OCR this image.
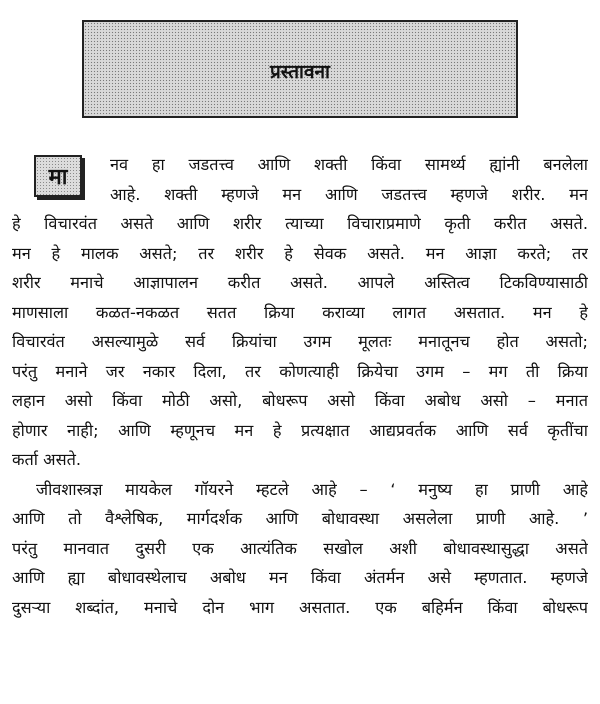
प्रस्तावना
मा
नव हा जडतत्त्व आणि शक्ती किंवा सामर्थ्य ह्यांनी बनलेला
आहे. शक्ती म्हणजे मन आणि जडतत्त्व म्हणजे शरीर. मन
हे विचारवंत असते आणि शरीर त्याच्या विचाराप्रमाणे कृती करीत असते.
मन हे मालक असते; तर शरीर हे सेवक असते. मन आज्ञा करते; तर
शरीर मनाचे आज्ञापालन करीत असते. आपले अस्तित्व टिकविण्यासाठी
माणसाला कळत-नकळत सतत क्रिया कराव्या लागत असतात. मन हे
विचारवंत असल्यामुळे सर्व क्रियांचा उगम मूलतः मनातूनच होत असतो;
परंतु मनाने जर नकार दिला, तर कोणत्याही क्रियेचा उगम – मग ती क्रिया
लहान असो किंवा मोठी असो, बोधरूप असो किंवा अबोध असो – मनात
होणार नाही; आणि म्हणूनच मन हे प्रत्यक्षात आद्यप्रवर्तक आणि सर्व कृतींचा
कर्ता असते.
जीवशास्त्रज्ञ मायकेल गॉयरने म्हटले आहे – ‘ मनुष्य हा प्राणी आहे
आणि तो वैश्लेषिक, मार्गदर्शक आणि बोधावस्था असलेला प्राणी आहे. ’
परंतु मानवात दुसरी एक आत्यंतिक सखोल अशी बोधावस्थासुद्धा असते
आणि ह्या बोधावस्थेलाच अबोध मन किंवा अंतर्मन असे म्हणतात. म्हणजे
दुसऱ्या शब्दांत, मनाचे दोन भाग असतात. एक बहिर्मन किंवा बोधरूप
